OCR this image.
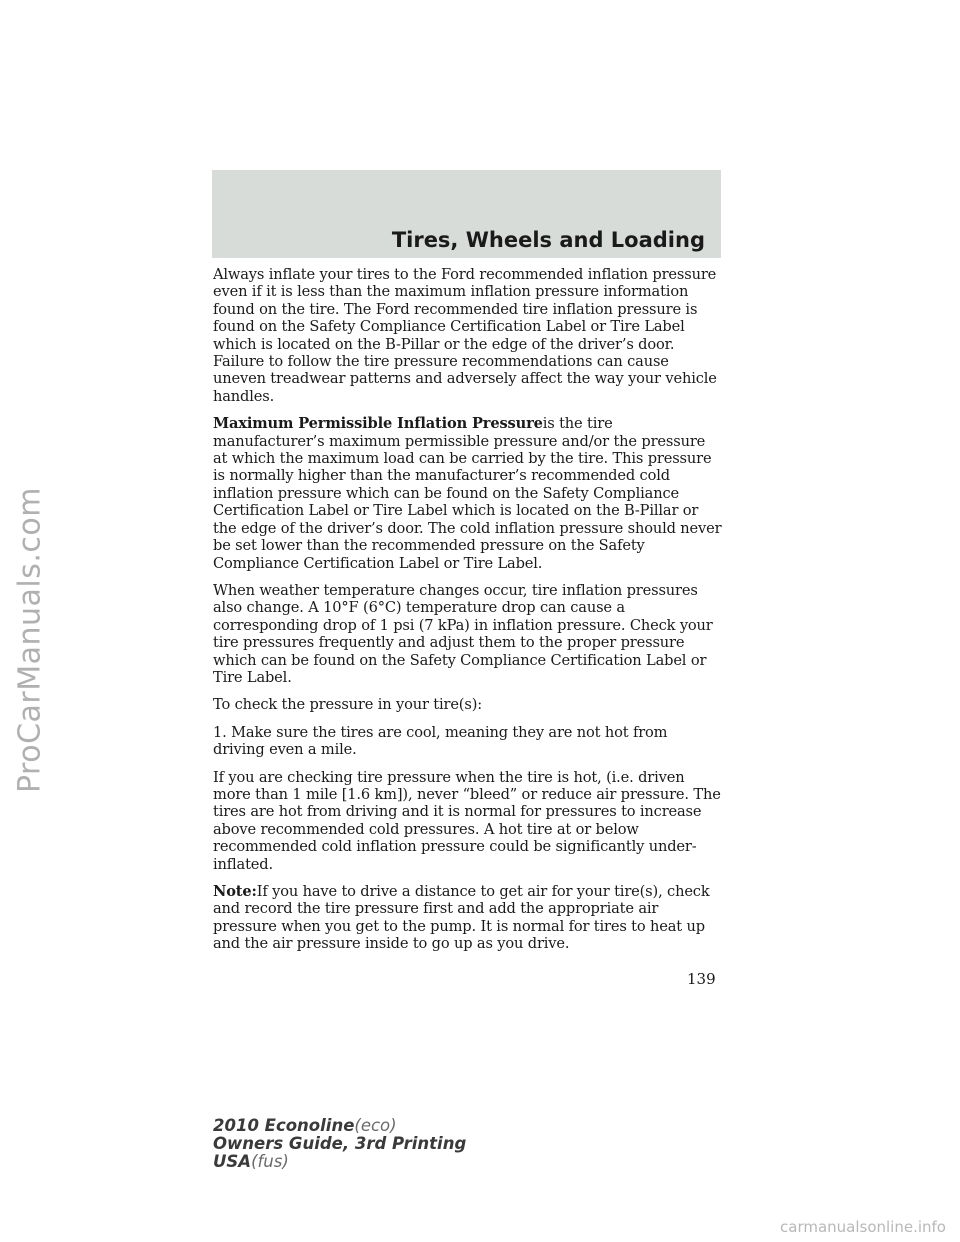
ProCarManuals.com
Tires, Wheels and Loading

Always inflate your tires to the Ford recommended inflation pressure even if it is less than the maximum inflation pressure information found on the tire. The Ford recommended tire inflation pressure is found on the Safety Compliance Certification Label or Tire Label which is located on the B-Pillar or the edge of the driver’s door. Failure to follow the tire pressure recommendations can cause uneven treadwear patterns and adversely affect the way your vehicle handles.

Maximum Permissible Inflation Pressureis the tire manufacturer’s maximum permissible pressure and/or the pressure at which the maximum load can be carried by the tire. This pressure is normally higher than the manufacturer’s recommended cold inflation pressure which can be found on the Safety Compliance Certification Label or Tire Label which is located on the B-Pillar or the edge of the driver’s door. The cold inflation pressure should never be set lower than the recommended pressure on the Safety Compliance Certification Label or Tire Label.

When weather temperature changes occur, tire inflation pressures also change. A 10°F (6°C) temperature drop can cause a corresponding drop of 1 psi (7 kPa) in inflation pressure. Check your tire pressures frequently and adjust them to the proper pressure which can be found on the Safety Compliance Certification Label or Tire Label.

To check the pressure in your tire(s):

1. Make sure the tires are cool, meaning they are not hot from driving even a mile.

If you are checking tire pressure when the tire is hot, (i.e. driven more than 1 mile [1.6 km]), never “bleed” or reduce air pressure. The tires are hot from driving and it is normal for pressures to increase above recommended cold pressures. A hot tire at or below recommended cold inflation pressure could be significantly under-inflated.

Note:If you have to drive a distance to get air for your tire(s), check and record the tire pressure first and add the appropriate air pressure when you get to the pump. It is normal for tires to heat up and the air pressure inside to go up as you drive.

139
2010 Econoline(eco)
Owners Guide, 3rd Printing
USA(fus)
carmanualsonline.info
